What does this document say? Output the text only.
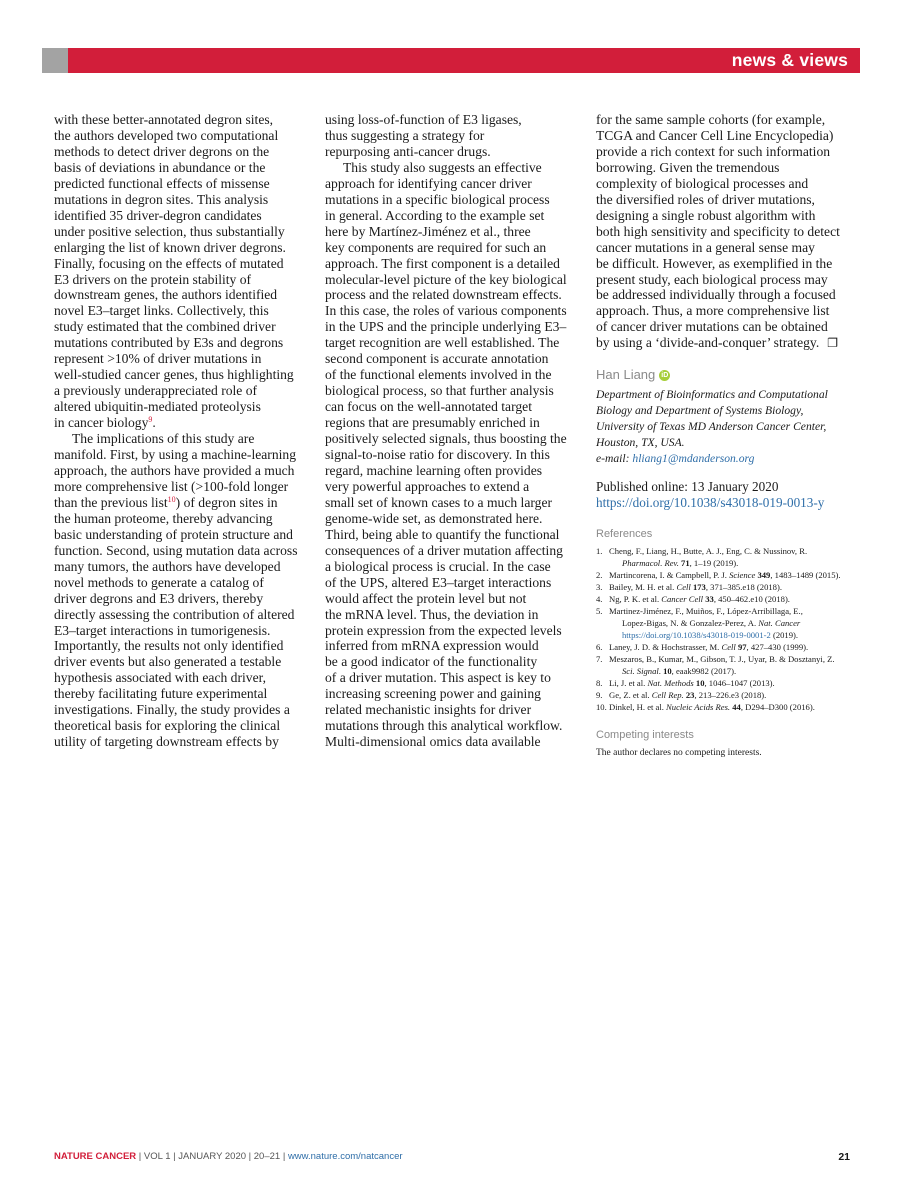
news & views

with these better-annotated degron sites,
the authors developed two computational
methods to detect driver degrons on the
basis of deviations in abundance or the
predicted functional effects of missense
mutations in degron sites. This analysis
identified 35 driver-degron candidates
under positive selection, thus substantially
enlarging the list of known driver degrons.
Finally, focusing on the effects of mutated
E3 drivers on the protein stability of
downstream genes, the authors identified
novel E3–target links. Collectively, this
study estimated that the combined driver
mutations contributed by E3s and degrons
represent >10% of driver mutations in
well-studied cancer genes, thus highlighting
a previously underappreciated role of
altered ubiquitin-mediated proteolysis
in cancer biology$^9$.

The implications of this study are
manifold. First, by using a machine-learning
approach, the authors have provided a much
more comprehensive list (>100-fold longer
than the previous list$^{10}$) of degron sites in
the human proteome, thereby advancing
basic understanding of protein structure and
function. Second, using mutation data across
many tumors, the authors have developed
novel methods to generate a catalog of
driver degrons and E3 drivers, thereby
directly assessing the contribution of altered
E3–target interactions in tumorigenesis.
Importantly, the results not only identified
driver events but also generated a testable
hypothesis associated with each driver,
thereby facilitating future experimental
investigations. Finally, the study provides a
theoretical basis for exploring the clinical
utility of targeting downstream effects by

using loss-of-function of E3 ligases,
thus suggesting a strategy for
repurposing anti-cancer drugs.

This study also suggests an effective
approach for identifying cancer driver
mutations in a specific biological process
in general. According to the example set
here by Martínez-Jiménez et al., three
key components are required for such an
approach. The first component is a detailed
molecular-level picture of the key biological
process and the related downstream effects.
In this case, the roles of various components
in the UPS and the principle underlying E3–
target recognition are well established. The
second component is accurate annotation
of the functional elements involved in the
biological process, so that further analysis
can focus on the well-annotated target
regions that are presumably enriched in
positively selected signals, thus boosting the
signal-to-noise ratio for discovery. In this
regard, machine learning often provides
very powerful approaches to extend a
small set of known cases to a much larger
genome-wide set, as demonstrated here.
Third, being able to quantify the functional
consequences of a driver mutation affecting
a biological process is crucial. In the case
of the UPS, altered E3–target interactions
would affect the protein level but not
the mRNA level. Thus, the deviation in
protein expression from the expected levels
inferred from mRNA expression would
be a good indicator of the functionality
of a driver mutation. This aspect is key to
increasing screening power and gaining
related mechanistic insights for driver
mutations through this analytical workflow.
Multi-dimensional omics data available

for the same sample cohorts (for example,
TCGA and Cancer Cell Line Encyclopedia)
provide a rich context for such information
borrowing. Given the tremendous
complexity of biological processes and
the diversified roles of driver mutations,
designing a single robust algorithm with
both high sensitivity and specificity to detect
cancer mutations in a general sense may
be difficult. However, as exemplified in the
present study, each biological process may
be addressed individually through a focused
approach. Thus, a more comprehensive list
of cancer driver mutations can be obtained
by using a ‘divide-and-conquer’ strategy. ❐

Han Liang iD
Department of Bioinformatics and Computational
Biology and Department of Systems Biology,
University of Texas MD Anderson Cancer Center,
Houston, TX, USA.
e-mail: hliang1@mdanderson.org
Published online: 13 January 2020
https://doi.org/10.1038/s43018-019-0013-y
References
1. Cheng, F., Liang, H., Butte, A. J., Eng, C. & Nussinov, R.
Pharmacol. Rev. 71, 1–19 (2019).
2. Martincorena, I. & Campbell, P. J. Science 349, 1483–1489 (2015).
3. Bailey, M. H. et al. Cell 173, 371–385.e18 (2018).
4. Ng, P. K. et al. Cancer Cell 33, 450–462.e10 (2018).
5. Martinez-Jiménez, F., Muiños, F., López-Arribillaga, E.,
Lopez-Bigas, N. & Gonzalez-Perez, A. Nat. Cancer
https://doi.org/10.1038/s43018-019-0001-2 (2019).
6. Laney, J. D. & Hochstrasser, M. Cell 97, 427–430 (1999).
7. Meszaros, B., Kumar, M., Gibson, T. J., Uyar, B. & Dosztanyi, Z.
Sci. Signal. 10, eaak9982 (2017).
8. Li, J. et al. Nat. Methods 10, 1046–1047 (2013).
9. Ge, Z. et al. Cell Rep. 23, 213–226.e3 (2018).
10. Dinkel, H. et al. Nucleic Acids Res. 44, D294–D300 (2016).
Competing interests
The author declares no competing interests.
NATURE CANCER | VOL 1 | JANUARY 2020 | 20–21 | www.nature.com/natcancer	21
